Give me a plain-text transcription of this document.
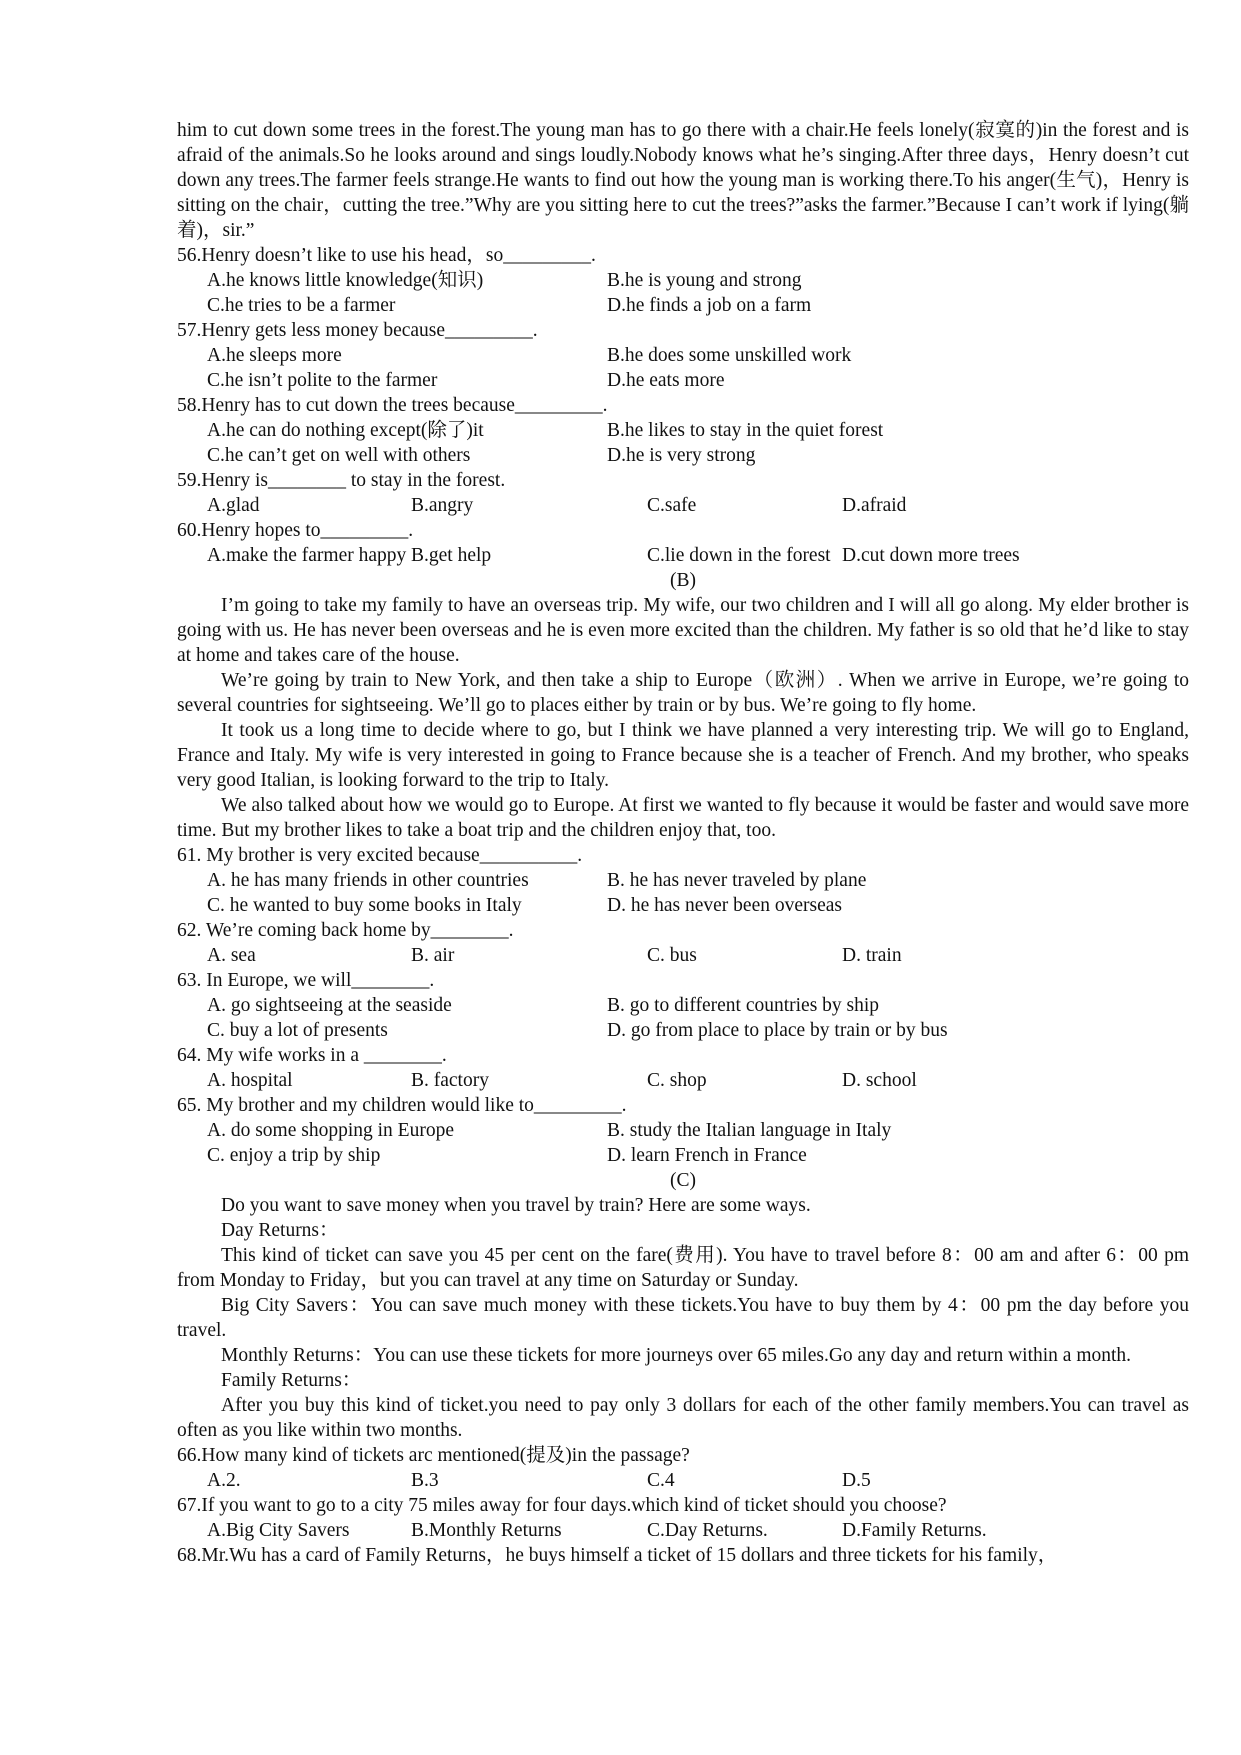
him to cut down some trees in the forest.The young man has to go there with a chair.He feels lonely(寂寞的)in the forest and is afraid of the animals.So he looks around and sings loudly.Nobody knows what he’s singing.After three days，Henry doesn’t cut down any trees.The farmer feels strange.He wants to find out how the young man is working there.To his anger(生气)，Henry is sitting on the chair，cutting the tree.”Why are you sitting here to cut the trees?”asks the farmer.”Because I can’t work if lying(躺着)，sir.”

56.Henry doesn’t like to use his head，so_________.

A.he knows little knowledge(知识)	B.he is young and strong
C.he tries to be a farmer	D.he finds a job on a farm

57.Henry gets less money because_________.

A.he sleeps more	B.he does some unskilled work
C.he isn’t polite to the farmer	D.he eats more

58.Henry has to cut down the trees because_________.

A.he can do nothing except(除了)it	B.he likes to stay in the quiet forest
C.he can’t get on well with others	D.he is very strong

59.Henry is________ to stay in the forest.

A.glad	B.angry	C.safe	D.afraid

60.Henry hopes to_________.

A.make the farmer happy B.get help	C.lie down in the forest D.cut down more trees

(B)

I’m going to take my family to have an overseas trip. My wife, our two children and I will all go along. My elder brother is going with us. He has never been overseas and he is even more excited than the children. My father is so old that he’d like to stay at home and takes care of the house.

We’re going by train to New York, and then take a ship to Europe（欧洲）. When we arrive in Europe, we’re going to several countries for sightseeing. We’ll go to places either by train or by bus. We’re going to fly home.

It took us a long time to decide where to go, but I think we have planned a very interesting trip. We will go to England, France and Italy. My wife is very interested in going to France because she is a teacher of French. And my brother, who speaks very good Italian, is looking forward to the trip to Italy.

We also talked about how we would go to Europe. At first we wanted to fly because it would be faster and would save more time. But my brother likes to take a boat trip and the children enjoy that, too.

61. My brother is very excited because__________.

A. he has many friends in other countries	B. he has never traveled by plane
C. he wanted to buy some books in Italy	D. he has never been overseas

62. We’re coming back home by________.

A. sea	B. air	C. bus	D. train

63. In Europe, we will________.

A. go sightseeing at the seaside	B. go to different countries by ship
C. buy a lot of presents	D. go from place to place by train or by bus

64. My wife works in a ________.

A. hospital	B. factory	C. shop	D. school

65. My brother and my children would like to_________.

A. do some shopping in Europe	B. study the Italian language in Italy
C. enjoy a trip by ship	D. learn French in France

(C)

Do you want to save money when you travel by train? Here are some ways.

Day Returns：

This kind of ticket can save you 45 per cent on the fare(费用). You have to travel before 8：00 am and after 6：00 pm from Monday to Friday，but you can travel at any time on Saturday or Sunday.

Big City Savers：You can save much money with these tickets.You have to buy them by 4：00 pm the day before you travel.

Monthly Returns：You can use these tickets for more journeys over 65 miles.Go any day and return within a month.

Family Returns：

After you buy this kind of ticket.you need to pay only 3 dollars for each of the other family members.You can travel as often as you like within two months.

66.How many kind of tickets arc mentioned(提及)in the passage?

A.2.	B.3	C.4	D.5

67.If you want to go to a city 75 miles away for four days.which kind of ticket should you choose?

A.Big City Savers	B.Monthly Returns	C.Day Returns.	D.Family Returns.

68.Mr.Wu has a card of Family Returns，he buys himself a ticket of 15 dollars and three tickets for his family，
